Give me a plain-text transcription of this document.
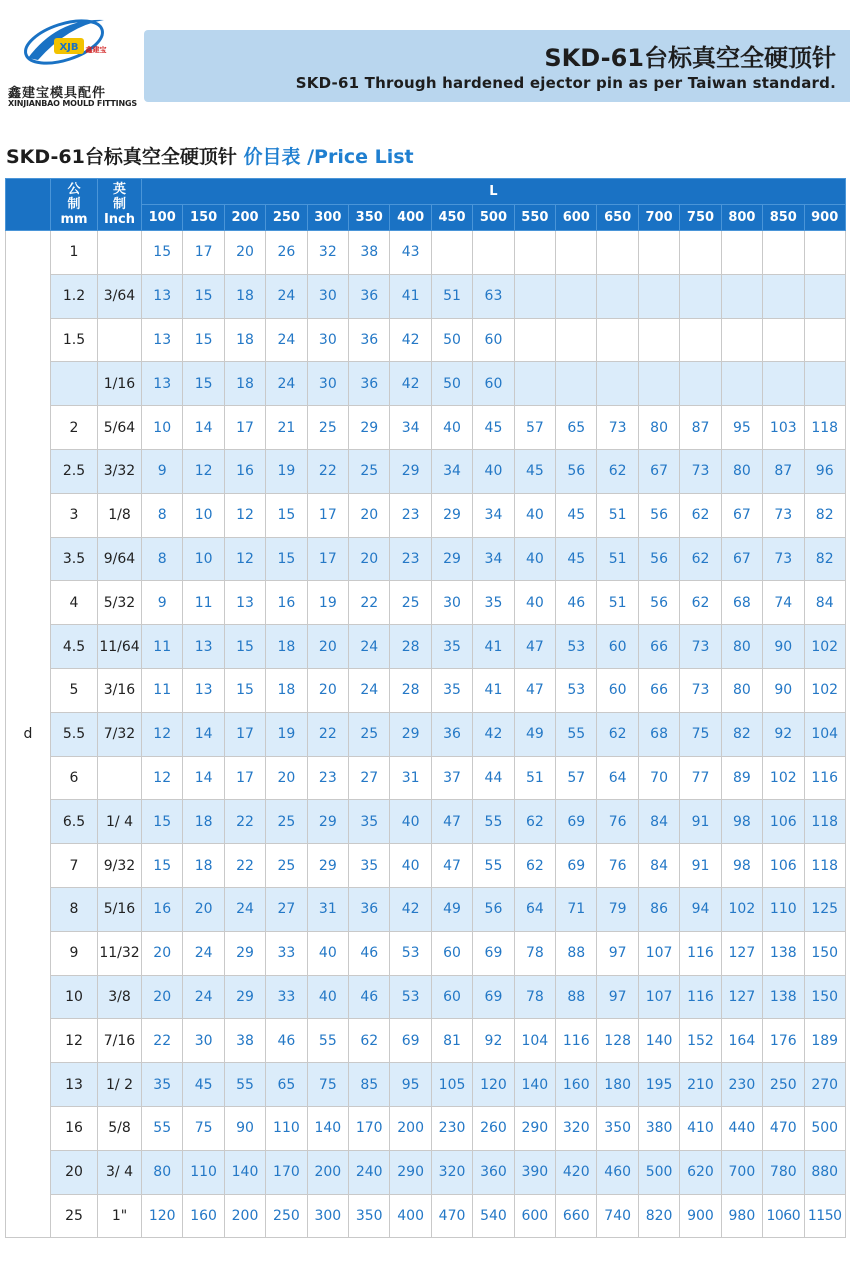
XJB 鑫建宝
鑫建宝模具配件
XINJIANBAO MOULD FITTINGS
SKD-61台标真空全硬顶针
SKD-61 Through hardened ejector pin as per Taiwan standard.
SKD-61台标真空全硬顶针 价目表 /Price List
	公
制
mm	英
制
Inch	L																
			100	150	200	250	300	350	400	450	500	550	600	650	700	750	800	850	900
d	1		15	17	20	26	32	38	43										
	1.2	3/64	13	15	18	24	30	36	41	51	63								
	1.5		13	15	18	24	30	36	42	50	60								
		1/16	13	15	18	24	30	36	42	50	60								
	2	5/64	10	14	17	21	25	29	34	40	45	57	65	73	80	87	95	103	118
	2.5	3/32	9	12	16	19	22	25	29	34	40	45	56	62	67	73	80	87	96
	3	1/8	8	10	12	15	17	20	23	29	34	40	45	51	56	62	67	73	82
	3.5	9/64	8	10	12	15	17	20	23	29	34	40	45	51	56	62	67	73	82
	4	5/32	9	11	13	16	19	22	25	30	35	40	46	51	56	62	68	74	84
	4.5	11/64	11	13	15	18	20	24	28	35	41	47	53	60	66	73	80	90	102
	5	3/16	11	13	15	18	20	24	28	35	41	47	53	60	66	73	80	90	102
	5.5	7/32	12	14	17	19	22	25	29	36	42	49	55	62	68	75	82	92	104
	6		12	14	17	20	23	27	31	37	44	51	57	64	70	77	89	102	116
	6.5	1/ 4	15	18	22	25	29	35	40	47	55	62	69	76	84	91	98	106	118
	7	9/32	15	18	22	25	29	35	40	47	55	62	69	76	84	91	98	106	118
	8	5/16	16	20	24	27	31	36	42	49	56	64	71	79	86	94	102	110	125
	9	11/32	20	24	29	33	40	46	53	60	69	78	88	97	107	116	127	138	150
	10	3/8	20	24	29	33	40	46	53	60	69	78	88	97	107	116	127	138	150
	12	7/16	22	30	38	46	55	62	69	81	92	104	116	128	140	152	164	176	189
	13	1/ 2	35	45	55	65	75	85	95	105	120	140	160	180	195	210	230	250	270
	16	5/8	55	75	90	110	140	170	200	230	260	290	320	350	380	410	440	470	500
	20	3/ 4	80	110	140	170	200	240	290	320	360	390	420	460	500	620	700	780	880
	25	1"	120	160	200	250	300	350	400	470	540	600	660	740	820	900	980	1060	1150
